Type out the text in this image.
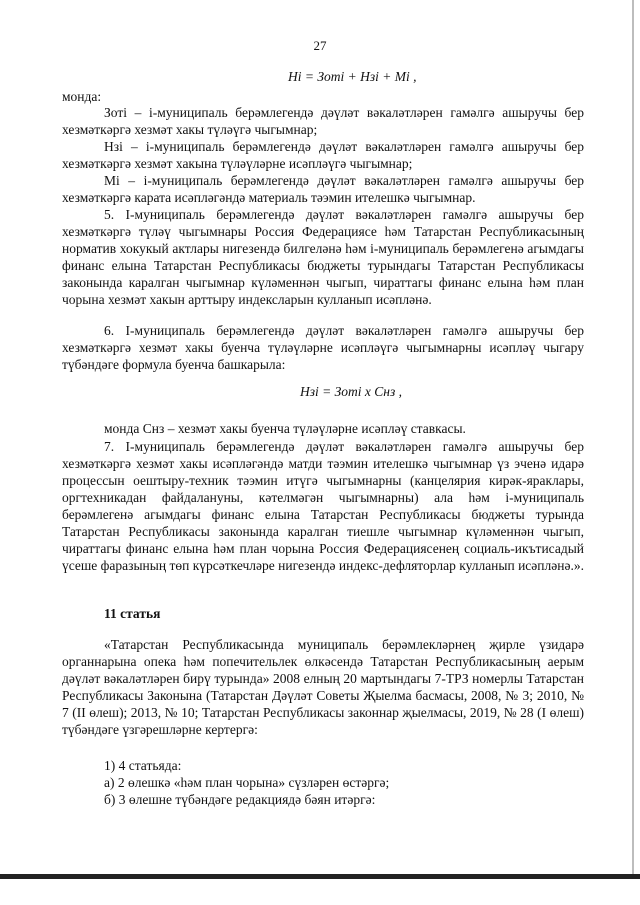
27
Нi = Зотi + Нзi + Мi ,

монда:

Зотi – i-муниципаль берәмлегендә дәүләт вәкаләтләрен гамәлгә ашыручы бер хезмәткәргә хезмәт хакы түләүгә чыгымнар;

Нзi – i-муниципаль берәмлегендә дәүләт вәкаләтләрен гамәлгә ашыручы бер хезмәткәргә хезмәт хакына түләүләрне исәпләүгә чыгымнар;

Мi – i-муниципаль берәмлегендә дәүләт вәкаләтләрен гамәлгә ашыручы бер хезмәткәргә карата исәпләгәндә материаль тәэмин ителешкә чыгымнар.

5. I-муниципаль берәмлегендә дәүләт вәкаләтләрен гамәлгә ашыручы бер хезмәткәргә түләү чыгымнары Россия Федерациясе һәм Татарстан Республикасының норматив хокукый актлары нигезендә билгеләнә һәм i-муниципаль берәмлегенә агымдагы финанс елына Татарстан Республикасы бюджеты турындагы Татарстан Республикасы законында каралган чыгымнар күләменнән чыгып, чираттагы финанс елына һәм план чорына хезмәт хакын арттыру индексларын кулланып исәпләнә.

6. I-муниципаль берәмлегендә дәүләт вәкаләтләрен гамәлгә ашыручы бер хезмәткәргә хезмәт хакы буенча түләүләрне исәпләүгә чыгымнарны исәпләү чыгару түбәндәге формула буенча башкарыла:

Нзi = Зотi х Снз ,

монда Снз – хезмәт хакы буенча түләүләрне исәпләү ставкасы.

7. I-муниципаль берәмлегендә дәүләт вәкаләтләрен гамәлгә ашыручы бер хезмәткәргә хезмәт хакы исәпләгәндә матди тәэмин ителешкә чыгымнар үз эченә идарә процессын оештыру-техник тәэмин итүгә чыгымнарны (канцелярия кирәк-яраклары, оргтехникадан файдалануны, кәтелмәгән чыгымнарны) ала һәм i-муниципаль берәмлегенә агымдагы финанс елына Татарстан Республикасы бюджеты турында Татарстан Республикасы законында каралган тиешле чыгымнар күләменнән чыгып, чираттагы финанс елына һәм план чорына Россия Федерациясенең социаль-икътисадый үсеше фаразының төп күрсәткечләре нигезендә индекс-дефляторлар кулланып исәпләнә.».

11 статья

«Татарстан Республикасында муниципаль берәмлекләрнең җирле үзидарә органнарына опека һәм попечительлек өлкәсендә Татарстан Республикасының аерым дәүләт вәкаләтләрен бирү турында» 2008 елның 20 мартындагы 7-ТРЗ номерлы Татарстан Республикасы Законына (Татарстан Дәүләт Советы Җыелма басмасы, 2008, № 3; 2010, № 7 (II өлеш); 2013, № 10; Татарстан Республикасы законнар җыелмасы, 2019, № 28 (I өлеш) түбәндәге үзгәрешләрне кертергә:

1) 4 статьяда:
а) 2 өлешкә «һәм план чорына» сүзләрен өстәргә;
б) 3 өлешне түбәндәге редакциядә бәян итәргә:
